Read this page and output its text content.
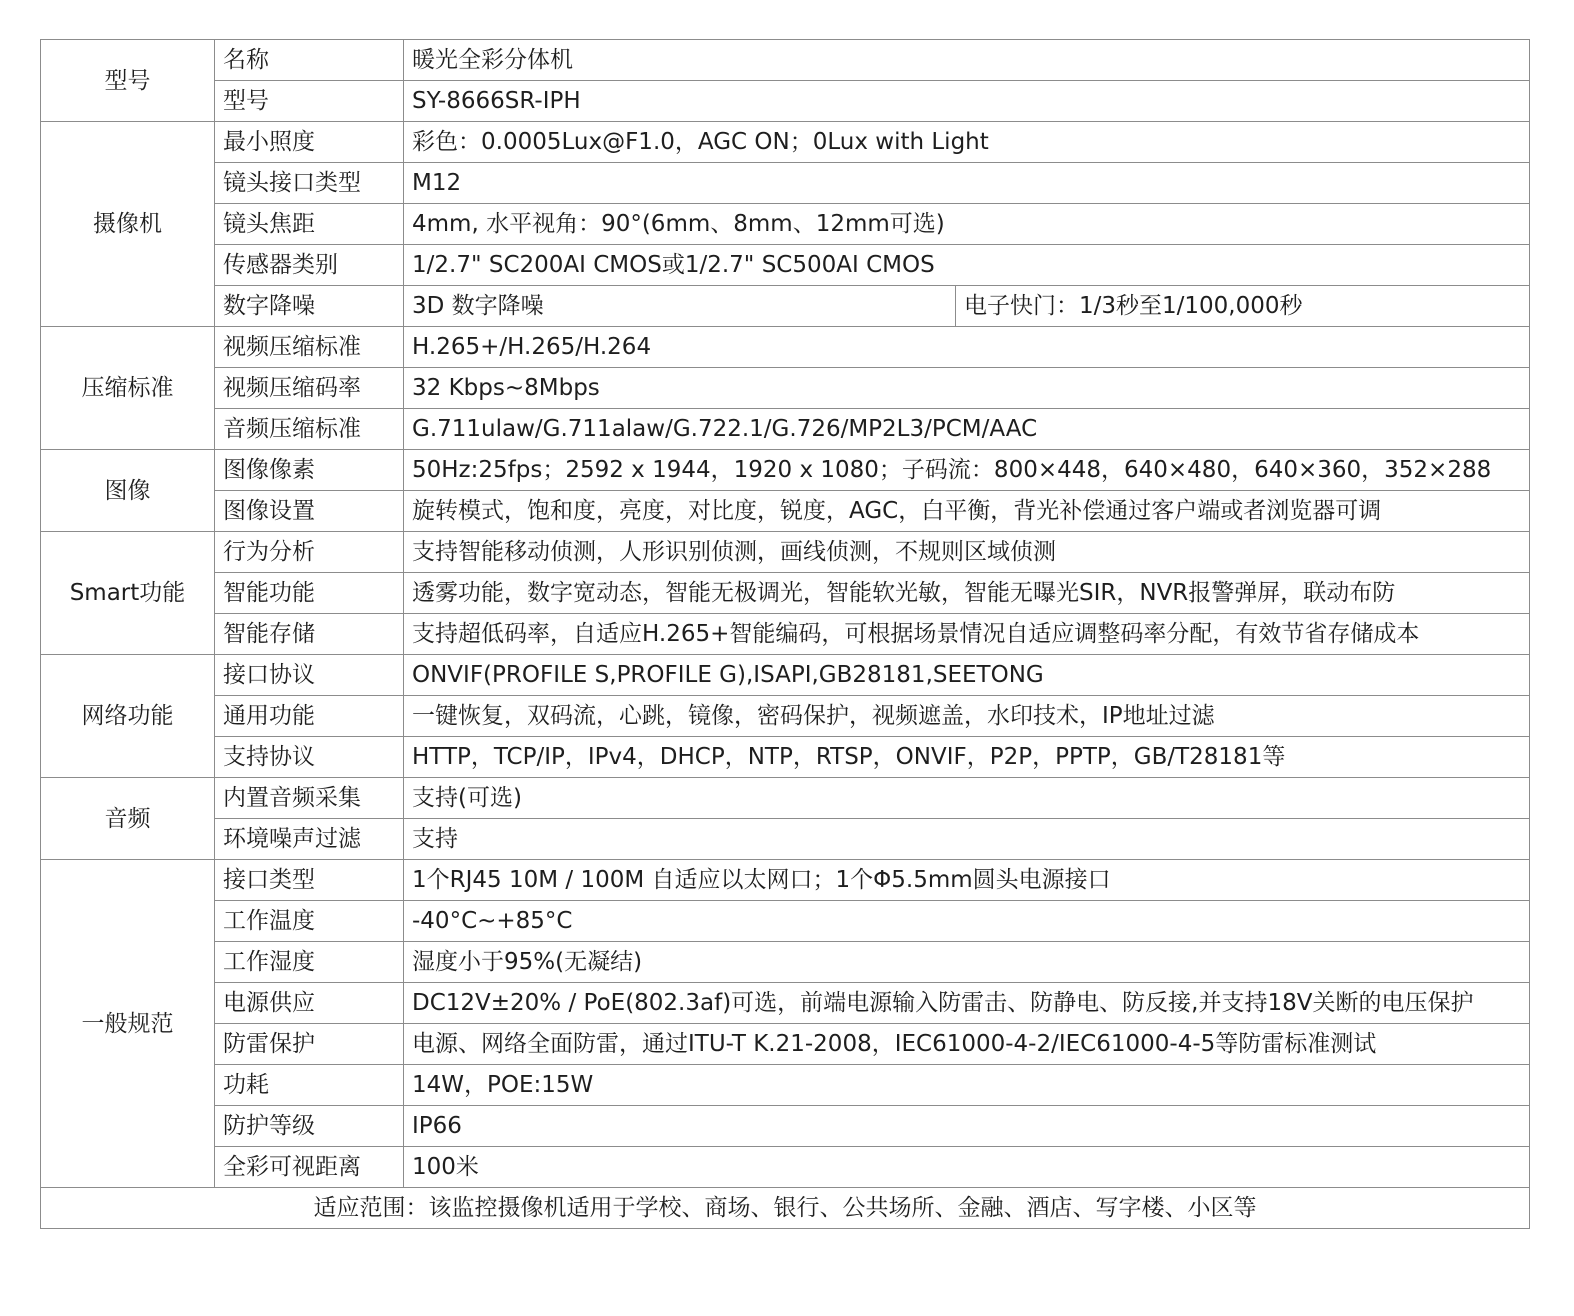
型号	名称	暖光全彩分体机	
	型号	SY-8666SR-IPH	
摄像机	最小照度	彩色：0.0005Lux@F1.0，AGC ON；0Lux with Light	
	镜头接口类型	M12	
	镜头焦距	4mm, 水平视角：90°(6mm、8mm、12mm可选)	
	传感器类别	1/2.7" SC200AI CMOS或1/2.7" SC500AI CMOS	
	数字降噪	3D 数字降噪	电子快门：1/3秒至1/100,000秒
压缩标准	视频压缩标准	H.265+/H.265/H.264	
	视频压缩码率	32 Kbps~8Mbps	
	音频压缩标准	G.711ulaw/G.711alaw/G.722.1/G.726/MP2L3/PCM/AAC	
图像	图像像素	50Hz:25fps；2592 x 1944，1920 x 1080；子码流：800×448，640×480，640×360，352×288	
	图像设置	旋转模式，饱和度，亮度，对比度，锐度，AGC，白平衡，背光补偿通过客户端或者浏览器可调	
Smart功能	行为分析	支持智能移动侦测，人形识别侦测，画线侦测，不规则区域侦测	
	智能功能	透雾功能，数字宽动态，智能无极调光，智能软光敏，智能无曝光SIR，NVR报警弹屏，联动布防	
	智能存储	支持超低码率，自适应H.265+智能编码，可根据场景情况自适应调整码率分配，有效节省存储成本	
网络功能	接口协议	ONVIF(PROFILE S,PROFILE G),ISAPI,GB28181,SEETONG	
	通用功能	一键恢复，双码流，心跳，镜像，密码保护，视频遮盖，水印技术，IP地址过滤	
	支持协议	HTTP，TCP/IP，IPv4，DHCP，NTP，RTSP，ONVIF，P2P，PPTP，GB/T28181等	
音频	内置音频采集	支持(可选)	
	环境噪声过滤	支持	
一般规范	接口类型	1个RJ45 10M / 100M 自适应以太网口；1个Φ5.5mm圆头电源接口	
	工作温度	-40°C~+85°C	
	工作湿度	湿度小于95%(无凝结)	
	电源供应	DC12V±20% / PoE(802.3af)可选，前端电源输入防雷击、防静电、防反接,并支持18V关断的电压保护	
	防雷保护	电源、网络全面防雷，通过ITU-T K.21-2008，IEC61000-4-2/IEC61000-4-5等防雷标准测试	
	功耗	14W，POE:15W	
	防护等级	IP66	
	全彩可视距离	100米	
适应范围：该监控摄像机适用于学校、商场、银行、公共场所、金融、酒店、写字楼、小区等			
